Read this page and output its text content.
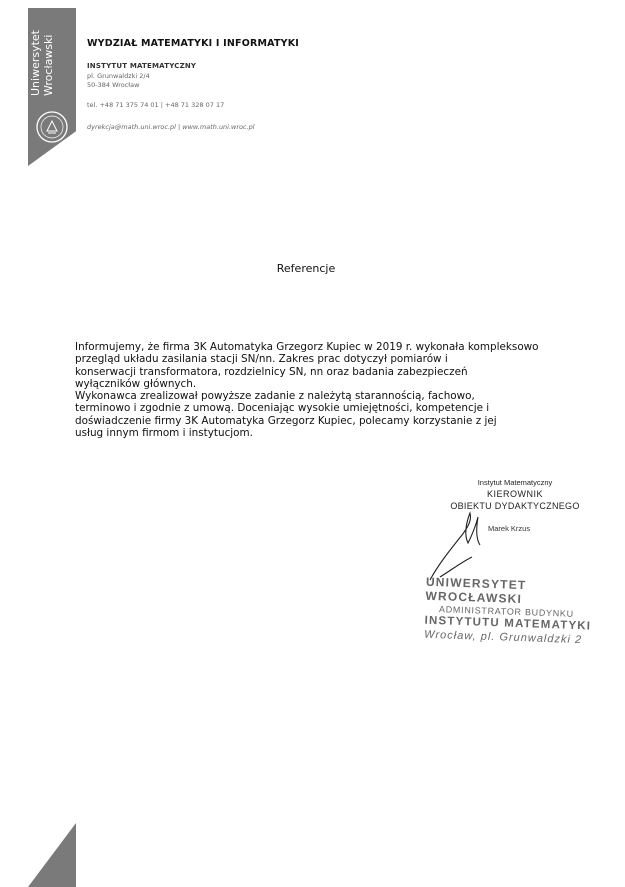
Uniwersytet Wrocławski	WYDZIAŁ MATEMATYKI I INFORMATYKI
INSTYTUT MATEMATYCZNY
pl. Grunwaldzki 2/4
50-384 Wrocław
tel. +48 71 375 74 01 | +48 71 328 07 17
dyrekcja@math.uni.wroc.pl | www.math.uni.wroc.pl
Referencje

Informujemy, że firma 3K Automatyka Grzegorz Kupiec w 2019 r. wykonała kompleksowo

przegląd układu zasilania stacji SN/nn. Zakres prac dotyczył pomiarów i

konserwacji transformatora, rozdzielnicy SN, nn oraz badania zabezpieczeń

wyłączników głównych.

Wykonawca zrealizował powyższe zadanie z należytą starannością, fachowo,

terminowo i zgodnie z umową. Doceniając wysokie umiejętności, kompetencje i

doświadczenie firmy 3K Automatyka Grzegorz Kupiec, polecamy korzystanie z jej

usług innym firmom i instytucjom.

Instytut Matematyczny
KIEROWNIK
OBIEKTU DYDAKTYCZNEGO
Marek Krzus
UNIWERSYTET WROCŁAWSKI
ADMINISTRATOR BUDYNKU
INSTYTUTU MATEMATYKI
Wrocław, pl. Grunwaldzki 2
